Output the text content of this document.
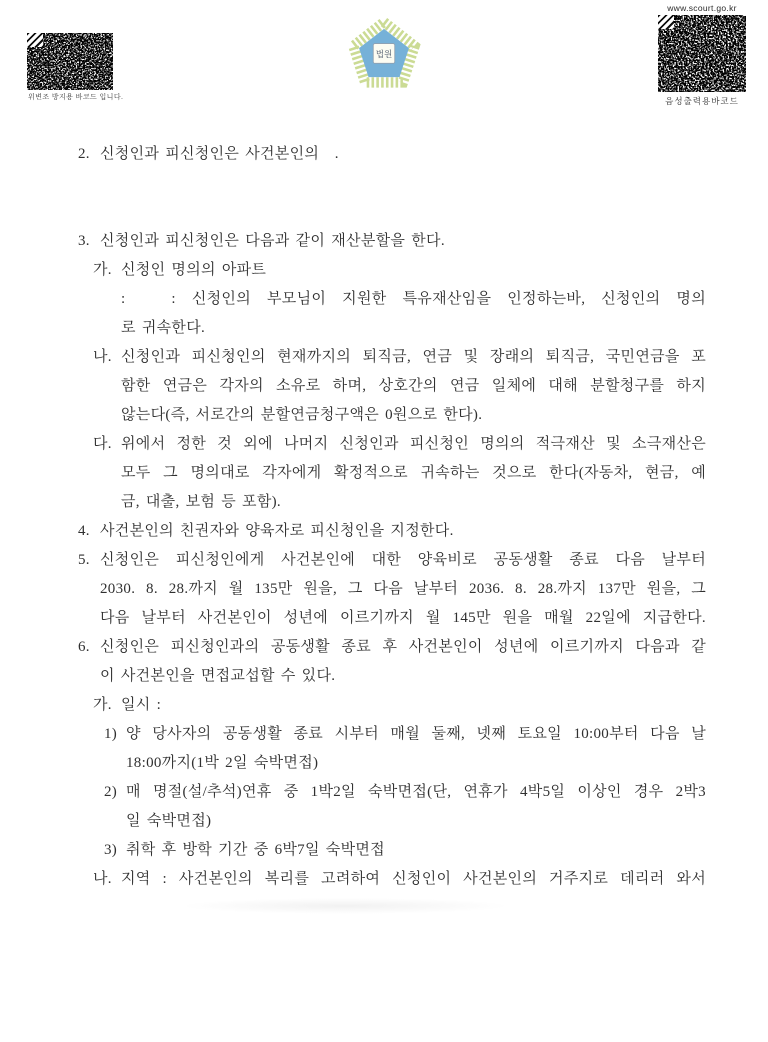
위변조 방지용 바코드 입니다.
법원
www.scourt.go.kr
음성출력용바코드
2. 신청인과 피신청인은 사건본인의  .
3. 신청인과 피신청인은 다음과 같이 재산분할을 한다.
가. 신청인 명의의 아파트
:   : 신청인의 부모님이 지원한 특유재산임을 인정하는바, 신청인의 명의
로 귀속한다.
나. 신청인과 피신청인의 현재까지의 퇴직금, 연금 및 장래의 퇴직금, 국민연금을 포
함한 연금은 각자의 소유로 하며, 상호간의 연금 일체에 대해 분할청구를 하지
않는다(즉, 서로간의 분할연금청구액은 0원으로 한다).
다. 위에서 정한 것 외에 나머지 신청인과 피신청인 명의의 적극재산 및 소극재산은
모두 그 명의대로 각자에게 확정적으로 귀속하는 것으로 한다(자동차, 현금, 예
금, 대출, 보험 등 포함).
4. 사건본인의 친권자와 양육자로 피신청인을 지정한다.
5. 신청인은 피신청인에게 사건본인에 대한 양육비로 공동생활 종료 다음 날부터
2030. 8. 28.까지 월 135만 원을, 그 다음 날부터 2036. 8. 28.까지 137만 원을, 그
다음 날부터 사건본인이 성년에 이르기까지 월 145만 원을 매월 22일에 지급한다.
6. 신청인은 피신청인과의 공동생활 종료 후 사건본인이 성년에 이르기까지 다음과 같
이 사건본인을 면접교섭할 수 있다.
가. 일시 :
1) 양 당사자의 공동생활 종료 시부터 매월 둘째, 넷째 토요일 10:00부터 다음 날
18:00까지(1박 2일 숙박면접)
2) 매 명절(설/추석)연휴 중 1박2일 숙박면접(단, 연휴가 4박5일 이상인 경우 2박3
일 숙박면접)
3) 취학 후 방학 기간 중 6박7일 숙박면접
나. 지역 : 사건본인의 복리를 고려하여 신청인이 사건본인의 거주지로 데리러 와서
